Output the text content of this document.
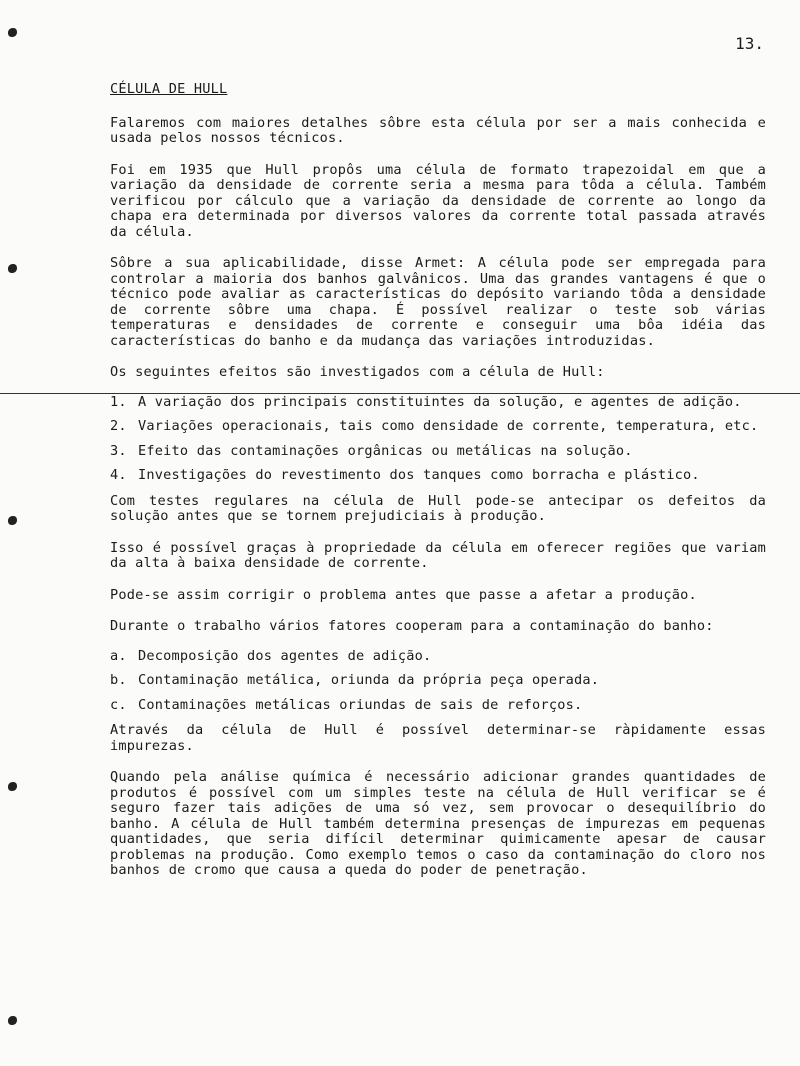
13.
CÉLULA DE HULL

Falaremos com maiores detalhes sôbre esta célula por ser a mais conhecida e usada pelos nossos técnicos.

Foi em 1935 que Hull propôs uma célula de formato trapezoidal em que a variação da densidade de corrente seria a mesma para tôda a célula. Também verificou por cálculo que a variação da densidade de corrente ao longo da chapa era determinada por diversos valores da corrente total passada através da célula.

Sôbre a sua aplicabilidade, disse Armet: A célula pode ser empregada para controlar a maioria dos banhos galvânicos. Uma das grandes vantagens é que o técnico pode avaliar as características do depósito variando tôda a densidade de corrente sôbre uma chapa. É possível realizar o teste sob várias temperaturas e densidades de corrente e conseguir uma bôa idéia das características do banho e da mudança das variações introduzidas.

Os seguintes efeitos são investigados com a célula de Hull:

1. A variação dos principais constituintes da solução, e agentes de adição.
2. Variações operacionais, tais como densidade de corrente, temperatura, etc.
3. Efeito das contaminações orgânicas ou metálicas na solução.
4. Investigações do revestimento dos tanques como borracha e plástico.

Com testes regulares na célula de Hull pode-se antecipar os defeitos da solução antes que se tornem prejudiciais à produção.

Isso é possível graças à propriedade da célula em oferecer regiões que variam da alta à baixa densidade de corrente.

Pode-se assim corrigir o problema antes que passe a afetar a produção.

Durante o trabalho vários fatores cooperam para a contaminação do banho:

a. Decomposição dos agentes de adição.
b. Contaminação metálica, oriunda da própria peça operada.
c. Contaminações metálicas oriundas de sais de reforços.

Através da célula de Hull é possível determinar-se ràpidamente essas impurezas.

Quando pela análise química é necessário adicionar grandes quantidades de produtos é possível com um simples teste na célula de Hull verificar se é seguro fazer tais adições de uma só vez, sem provocar o desequilíbrio do banho. A célula de Hull também determina presenças de impurezas em pequenas quantidades, que seria difícil determinar quimicamente apesar de causar problemas na produção. Como exemplo temos o caso da contaminação do cloro nos banhos de cromo que causa a queda do poder de penetração.
